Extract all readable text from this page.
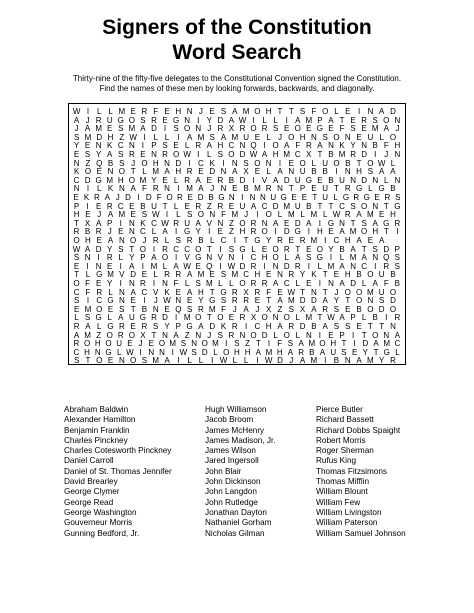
Signers of the Constitution
Word Search
Thirty-nine of the fifty-five delegates to the Constitutional Convention signed the Constitution.
Find the names of these men by looking forwards, backwards, and diagonally.
W I L L M E R F E H N J E S A M O H T T S F O L E I N A D
A J R U G O S R E G N I Y D A W I L L I A M P A T E R S O N
J A M E S M A D I S O N J R X R O R S E O E G E F S E M A J
S M D H Z W I L L I A M S A M U E L J O H N S O N E U L O
Y E N K C N I P S E L R A H C N Q I O A F R A N K Y N B F H
E S Y A S R E N R O W I L S O D W A H M C X T B M R D I J N
N Z Q B S J O H N D I C K I N S O N I E O L U O B T O W L
K O E N O T L M A H R E D N A X E L A N U B B I N H S A A
C D G M H O M Y E L R A E R B D I V A D U G E B U N D N L N
N I L K N A F R N I M A J N E B M R N T P E U T R G L G B
E K R A J D I D F O R E D B G N I N N U G E E T U L G R G E R S
P I E R C E B U T L E R Z R E U A C D M U B T T C S O N T G
H E J A M E S W I L S O N F M J	I O L M L M L W R A M E H
T X A P I N K C W R U A V N Z O R N A E D A I G N T S A G R
R B R J E N C L A I G Y I E Z H R O I D G I H E A M O H T I
O H E A N O J R L S R B L C I T G Y R E R M I C H A E A
W A D Y S T O I R C C O T I S G L E O R T E O Y B A T S D P
S N I R L Y P A O I V G N V N I C H O L A S G I L M A N Q S
E I N E I A I M L A W E Q I W D R I N D R I L M A N C I R S
T L G M V D E L R R A M E S M C H E N R Y K T E H B O U B
O F E Y I N R I N F L S M L L O R R A C L E I N A D L A F B
C F R L N A C V K E A H T G R X R F E W T N T J O O M U O
S I C G N E I	J W N E Y G S R R E T A M D D A Y T O N S D
E M O E S T B N E Q S R M F J A J X Z S X A R S E B O D O
L S G L A U G R D I M O T O E R X O N O L M T W A P L B I R
R A L G R E R S Y P G A D K R I C H A R D B A S S E T T N
A M Z O R O X T N A Z N J S R N O D L O L N I E P I T O N A
R O H O U E J E O M S N O M I S Z T I F S A M O H T I D A M C
C H N G L W I N N I W S D L O H H A M H A R B A U S E Y T G L
S T O E N O S M A I L L I W L L I W D J A M I B N A M Y R
Abraham Baldwin
Alexander Hamilton
Benjamin Franklin
Charles Pinckney
Charles Cotesworth Pinckney
Daniel Carroll
Daniel of St. Thomas Jennifer
David Brearley
George Clymer
George Read
George Washington
Gouverneur Morris
Gunning Bedford, Jr.
Hugh Williamson
Jacob Broom
James McHenry
James Madison, Jr.
James Wilson
Jared Ingersoll
John Blair
John Dickinson
John Langdon
John Rutledge
Jonathan Dayton
Nathaniel Gorham
Nicholas Gilman
Pierce Butler
Richard Bassett
Richard Dobbs Spaight
Robert Morris
Roger Sherman
Rufus King
Thomas Fitzsimons
Thomas Mifflin
William Blount
William Few
William Livingston
William Paterson
William Samuel Johnson
